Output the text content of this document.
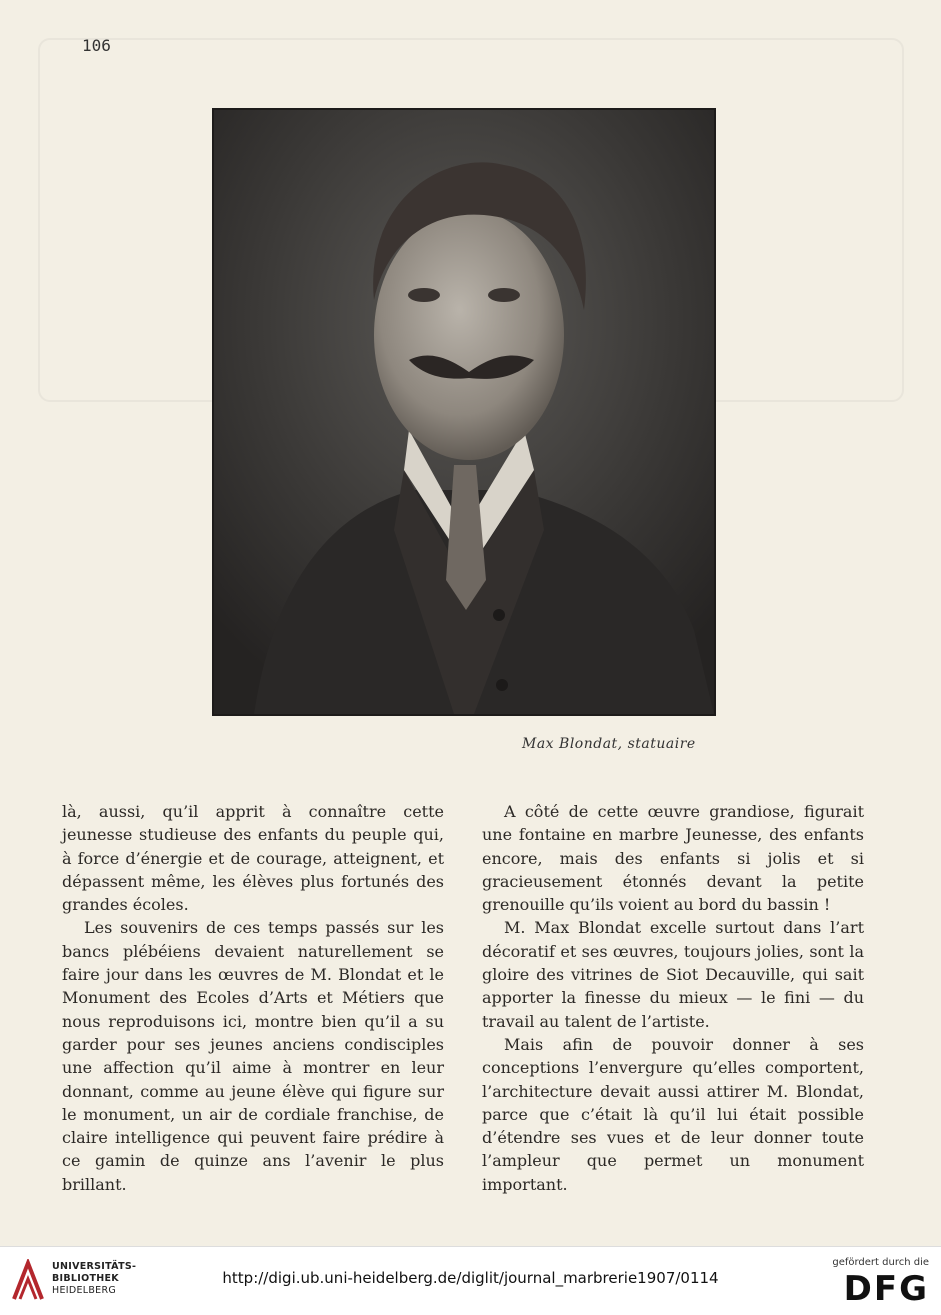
106
Max Blondat, statuaire

là, aussi, qu’il apprit à connaître cette jeunesse studieuse des enfants du peuple qui, à force d’énergie et de courage, atteignent, et dépassent même, les élèves plus fortunés des grandes écoles.

Les souvenirs de ces temps passés sur les bancs plébéiens devaient naturellement se faire jour dans les œuvres de M. Blondat et le Monument des Ecoles d’Arts et Métiers que nous reproduisons ici, montre bien qu’il a su garder pour ses jeunes anciens condisciples une affection qu’il aime à montrer en leur donnant, comme au jeune élève qui figure sur le monument, un air de cordiale franchise, de claire intelligence qui peuvent faire prédire à ce gamin de quinze ans l’avenir le plus brillant.

A côté de cette œuvre grandiose, figurait une fontaine en marbre Jeunesse, des enfants encore, mais des enfants si jolis et si gracieusement étonnés devant la petite grenouille qu’ils voient au bord du bassin !

M. Max Blondat excelle surtout dans l’art décoratif et ses œuvres, toujours jolies, sont la gloire des vitrines de Siot Decauville, qui sait apporter la finesse du mieux — le fini — du travail au talent de l’artiste.

Mais afin de pouvoir donner à ses conceptions l’envergure qu’elles comportent, l’architecture devait aussi attirer M. Blondat, parce que c’était là qu’il lui était possible d’étendre ses vues et de leur donner toute l’ampleur que permet un monument important.

UNIVERSITÄTS-
BIBLIOTHEK
HEIDELBERG
http://digi.ub.uni-heidelberg.de/diglit/journal_marbrerie1907/0114
gefördert durch die
DFG
